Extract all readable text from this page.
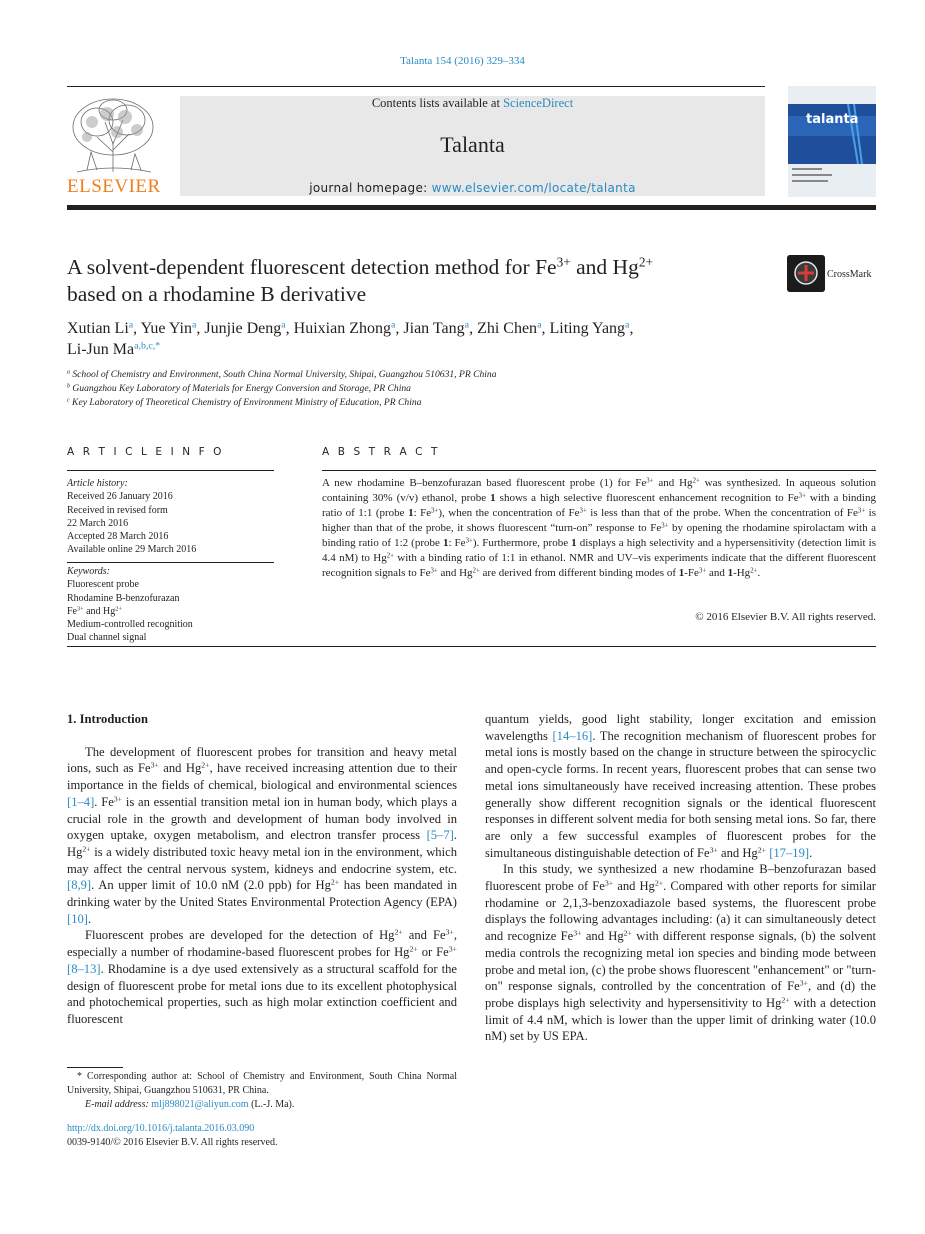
Talanta 154 (2016) 329–334
ELSEVIER
Contents lists available at ScienceDirect
Talanta
journal homepage: www.elsevier.com/locate/talanta
talanta
A solvent-dependent fluorescent detection method for $Fe^{3+}$ and $Hg^{2+}$
based on a rhodamine B derivative
CrossMark
Xutian Li$^a$, Yue Yin$^a$, Junjie Deng$^a$, Huixian Zhong$^a$, Jian Tang$^a$, Zhi Chen$^a$, Liting Yang$^a$,
Li-Jun $Ma^{a,b,c,*}$
$^a$ School of Chemistry and Environment, South China Normal University, Shipai, Guangzhou 510631, PR China
$^b$ Guangzhou Key Laboratory of Materials for Energy Conversion and Storage, PR China
$^c$ Key Laboratory of Theoretical Chemistry of Environment Ministry of Education, PR China
A R T I C L E I N F O	A B S T R A C T
Article history:
Received 26 January 2016
Received in revised form
22 March 2016
Accepted 28 March 2016
Available online 29 March 2016
Keywords:
Fluorescent probe
Rhodamine B-benzofurazan
$Fe^{3+}$ and $Hg^{2+}$
Medium-controlled recognition
Dual channel signal
A new rhodamine B–benzofurazan based fluorescent probe (1) for $Fe^{3+}$ and $Hg^{2+}$ was synthesized. In aqueous solution containing 30% (v/v) ethanol, probe 1 shows a high selective fluorescent enhancement recognition to $Fe^{3+}$ with a binding ratio of 1:1 (probe 1: $Fe^{3+}$), when the concentration of $Fe^{3+}$ is less than that of the probe. When the concentration of $Fe^{3+}$ is higher than that of the probe, it shows fluorescent “turn-on” response to $Fe^{3+}$ by opening the rhodamine spirolactam with a binding ratio of 1:2 (probe 1: $Fe^{3+}$). Furthermore, probe 1 displays a high selectivity and a hypersensitivity (detection limit is 4.4 nM) to $Hg^{2+}$ with a binding ratio of 1:1 in ethanol. NMR and UV–vis experiments indicate that the different fluorescent recognition signals to $Fe^{3+}$ and $Hg^{2+}$ are derived from different binding modes of $1-Fe^{3+}$ and $1-Hg^{2+}$.
© 2016 Elsevier B.V. All rights reserved.
1. Introduction

The development of fluorescent probes for transition and heavy metal ions, such as $Fe^{3+}$ and $Hg^{2+}$, have received increasing attention due to their importance in the fields of chemical, biological and environmental sciences [1–4]. $Fe^{3+}$ is an essential transition metal ion in human body, which plays a crucial role in the growth and development of human body involved in oxygen uptake, oxygen metabolism, and electron transfer process [5–7]. $Hg^{2+}$ is a widely distributed toxic heavy metal ion in the environment, which may affect the central nervous system, kidneys and endocrine system, etc. [8,9]. An upper limit of 10.0 nM (2.0 ppb) for $Hg^{2+}$ has been mandated in drinking water by the United States Environmental Protection Agency (EPA) [10].

Fluorescent probes are developed for the detection of $Hg^{2+}$ and $Fe^{3+}$, especially a number of rhodamine-based fluorescent probes for $Hg^{2+}$ or $Fe^{3+}$ [8–13]. Rhodamine is a dye used extensively as a structural scaffold for the design of fluorescent probe for metal ions due to its excellent photophysical and photochemical properties, such as high molar extinction coefficient and fluorescent

quantum yields, good light stability, longer excitation and emission wavelengths [14–16]. The recognition mechanism of fluorescent probes for metal ions is mostly based on the change in structure between the spirocyclic and open-cycle forms. In recent years, fluorescent probes that can sense two metal ions simultaneously have received increasing attention. These probes generally show different recognition signals or the identical fluorescent responses in different solvent media for both sensing metal ions. So far, there are only a few successful examples of fluorescent probes for the simultaneous distinguishable detection of $Fe^{3+}$ and $Hg^{2+}$ [17–19].

In this study, we synthesized a new rhodamine B–benzofurazan based fluorescent probe of $Fe^{3+}$ and $Hg^{2+}$. Compared with other reports for similar rhodamine or 2,1,3-benzoxadiazole based systems, the fluorescent probe displays the following advantages including: (a) it can simultaneously detect and recognize $Fe^{3+}$ and $Hg^{2+}$ with different response signals, (b) the solvent media controls the recognizing metal ion species and binding mode between probe and metal ion, (c) the probe shows fluorescent "enhancement" or "turn-on" response signals, controlled by the concentration of $Fe^{3+}$, and (d) the probe displays high selectivity and hypersensitivity to $Hg^{2+}$ with a detection limit of 4.4 nM, which is lower than the upper limit of drinking water (10.0 nM) set by US EPA.

* Corresponding author at: School of Chemistry and Environment, South China Normal University, Shipai, Guangzhou 510631, PR China.
E-mail address: mlj898021@aliyun.com (L.-J. Ma).
http://dx.doi.org/10.1016/j.talanta.2016.03.090
0039-9140/© 2016 Elsevier B.V. All rights reserved.
